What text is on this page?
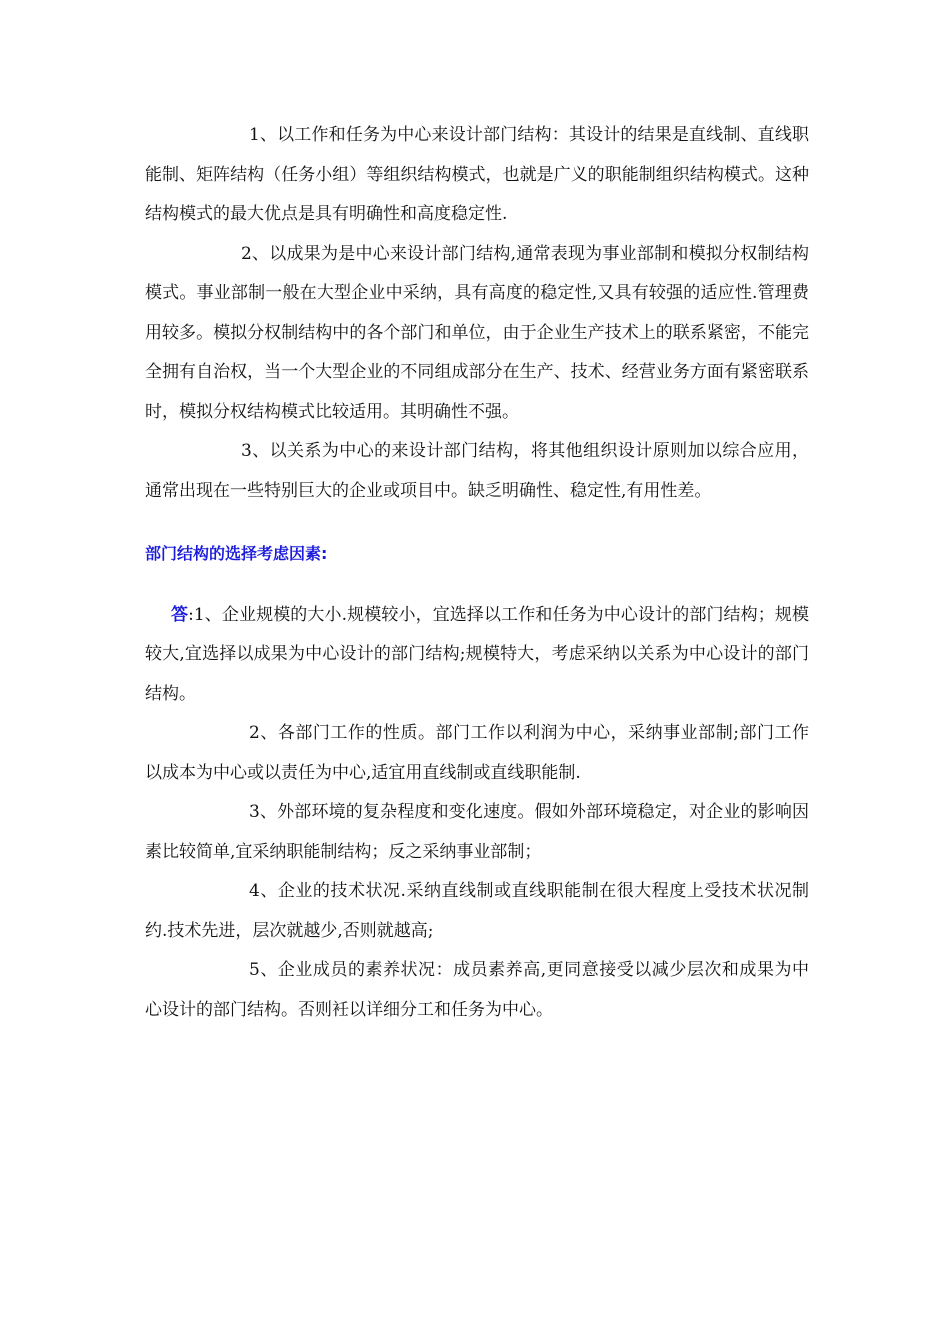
1、以工作和任务为中心来设计部门结构：其设计的结果是直线制、直线职能制、矩阵结构（任务小组）等组织结构模式，也就是广义的职能制组织结构模式。这种结构模式的最大优点是具有明确性和高度稳定性.

2、以成果为是中心来设计部门结构,通常表现为事业部制和模拟分权制结构模式。事业部制一般在大型企业中采纳，具有高度的稳定性,又具有较强的适应性.管理费用较多。模拟分权制结构中的各个部门和单位，由于企业生产技术上的联系紧密，不能完全拥有自治权，当一个大型企业的不同组成部分在生产、技术、经营业务方面有紧密联系时，模拟分权结构模式比较适用。其明确性不强。

3、以关系为中心的来设计部门结构，将其他组织设计原则加以综合应用，通常出现在一些特别巨大的企业或项目中。缺乏明确性、稳定性,有用性差。

部门结构的选择考虑因素:

答:1、企业规模的大小.规模较小，宜选择以工作和任务为中心设计的部门结构；规模较大,宜选择以成果为中心设计的部门结构;规模特大，考虑采纳以关系为中心设计的部门结构。

2、各部门工作的性质。部门工作以利润为中心，采纳事业部制;部门工作以成本为中心或以责任为中心,适宜用直线制或直线职能制.

3、外部环境的复杂程度和变化速度。假如外部环境稳定，对企业的影响因素比较简单,宜采纳职能制结构；反之采纳事业部制；

4、企业的技术状况.采纳直线制或直线职能制在很大程度上受技术状况制约.技术先进，层次就越少,否则就越高;

5、企业成员的素养状况：成员素养高,更同意接受以减少层次和成果为中心设计的部门结构。否则衽以详细分工和任务为中心。
